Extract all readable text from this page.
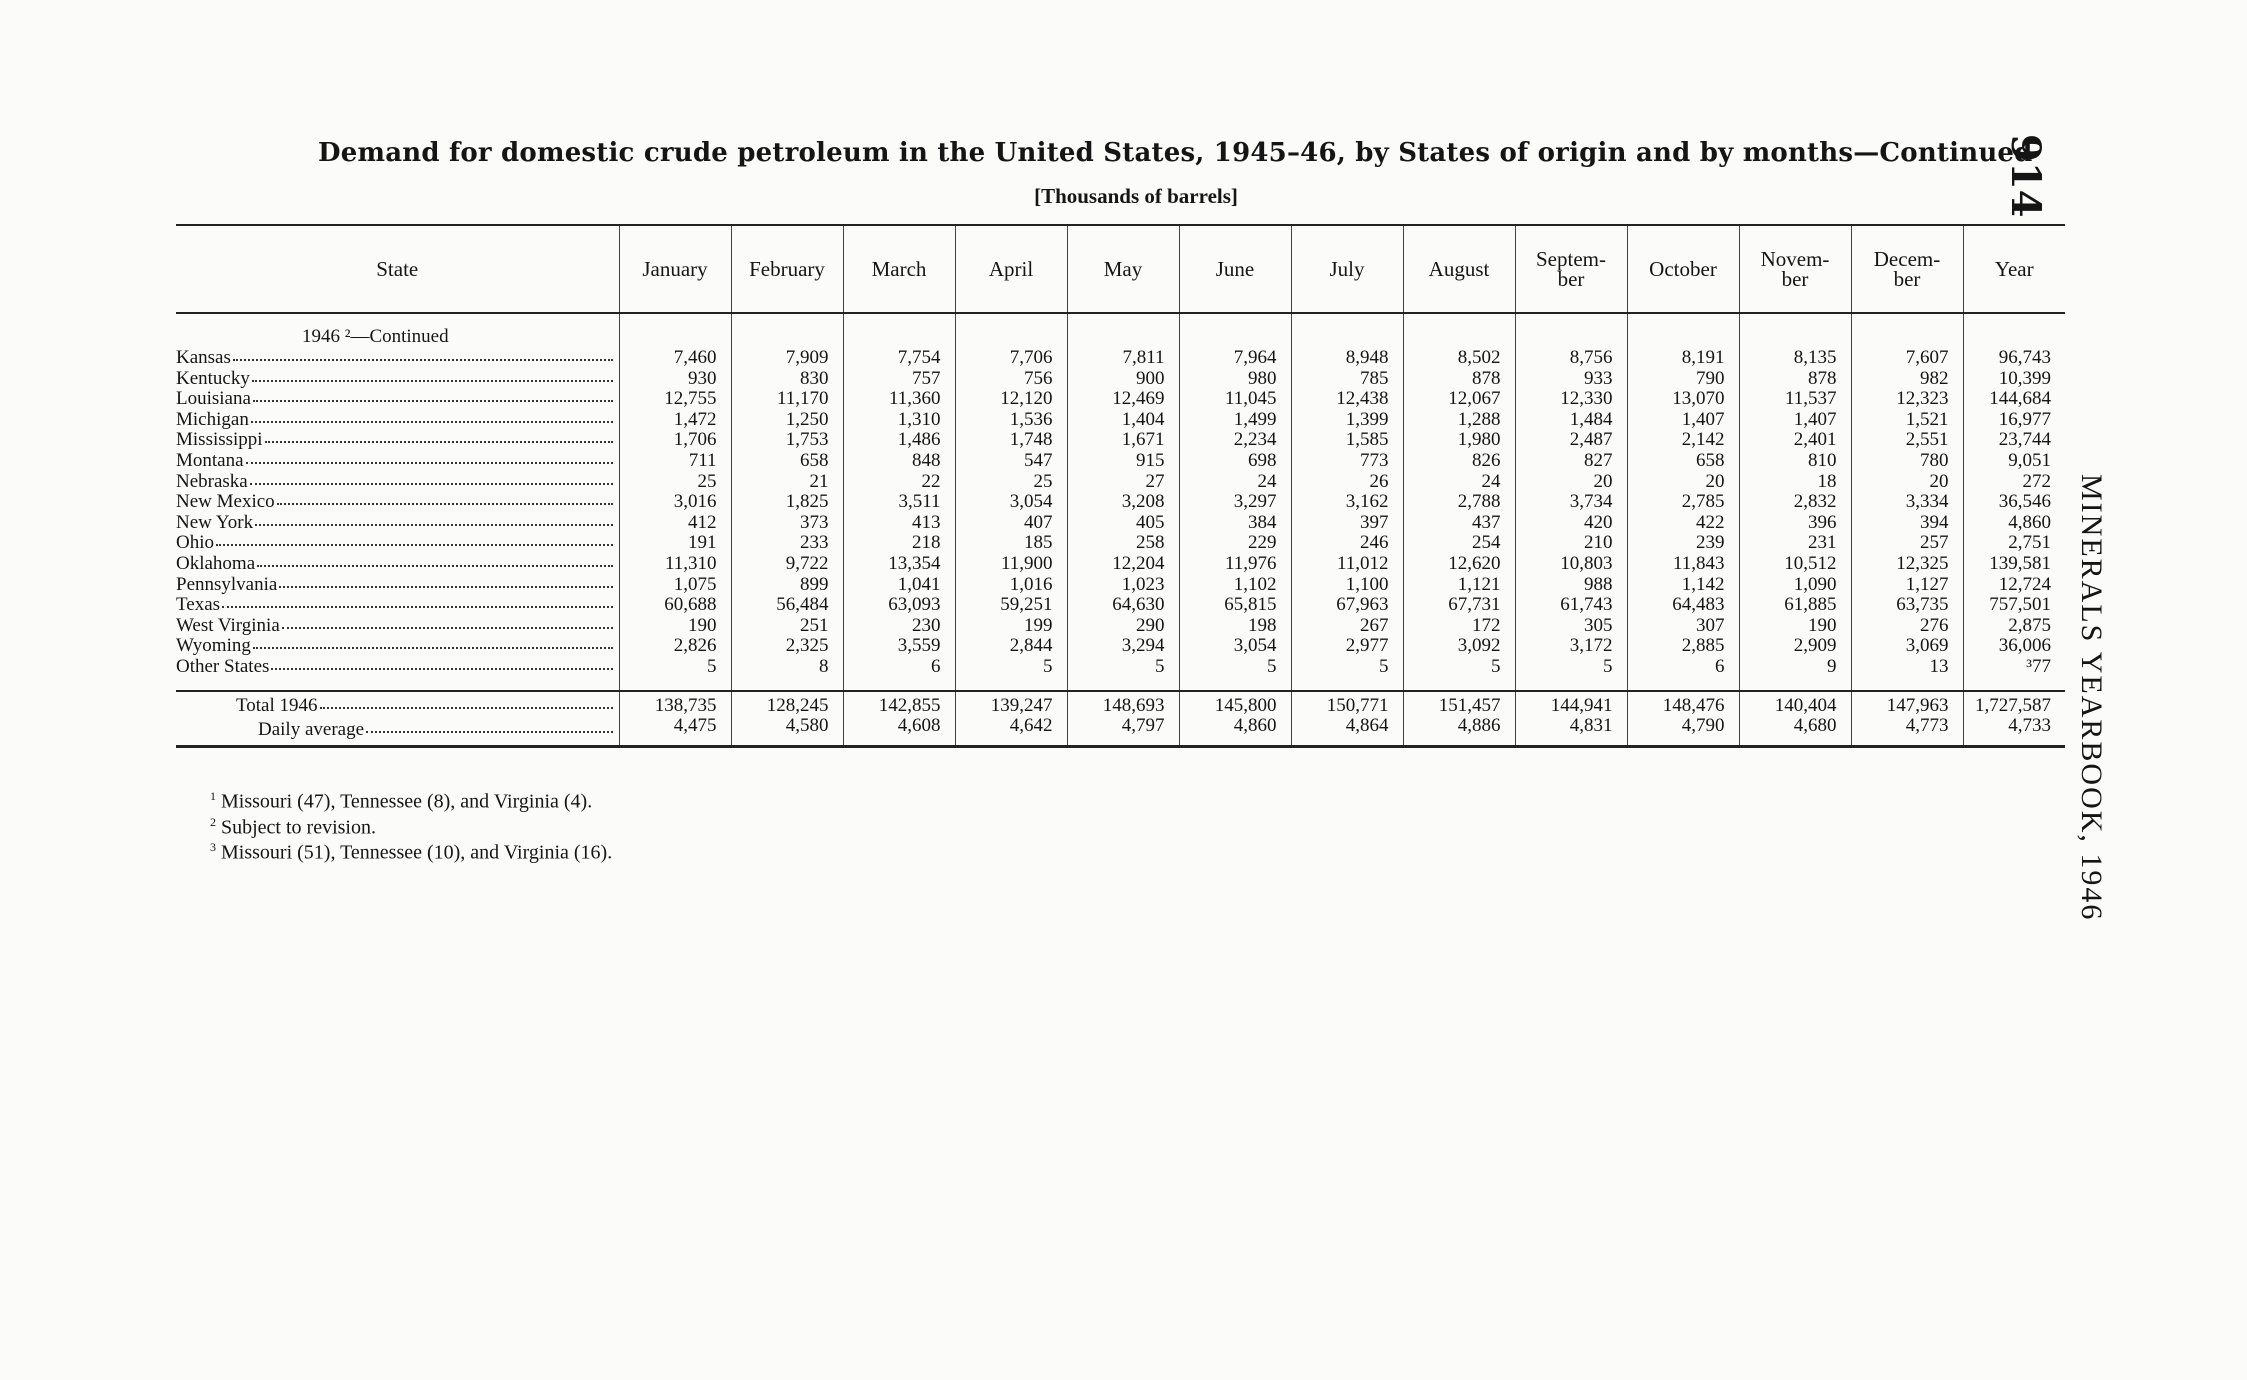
Demand for domestic crude petroleum in the United States, 1945–46, by States of origin and by months—Continued
[Thousands of barrels]	914
MINERALS YEARBOOK, 1946
State	January	February	March	April	May	June	July	August	Septem-
ber	October	Novem-
ber	Decem-
ber	Year
1946 ²—Continued													

Kansas	7,460	7,909	7,754	7,706	7,811	7,964	8,948	8,502	8,756	8,191	8,135	7,607	96,743

Kentucky	930	830	757	756	900	980	785	878	933	790	878	982	10,399

Louisiana	12,755	11,170	11,360	12,120	12,469	11,045	12,438	12,067	12,330	13,070	11,537	12,323	144,684

Michigan	1,472	1,250	1,310	1,536	1,404	1,499	1,399	1,288	1,484	1,407	1,407	1,521	16,977

Mississippi	1,706	1,753	1,486	1,748	1,671	2,234	1,585	1,980	2,487	2,142	2,401	2,551	23,744

Montana	711	658	848	547	915	698	773	826	827	658	810	780	9,051

Nebraska	25	21	22	25	27	24	26	24	20	20	18	20	272

New Mexico	3,016	1,825	3,511	3,054	3,208	3,297	3,162	2,788	3,734	2,785	2,832	3,334	36,546

New York	412	373	413	407	405	384	397	437	420	422	396	394	4,860

Ohio	191	233	218	185	258	229	246	254	210	239	231	257	2,751

Oklahoma	11,310	9,722	13,354	11,900	12,204	11,976	11,012	12,620	10,803	11,843	10,512	12,325	139,581

Pennsylvania	1,075	899	1,041	1,016	1,023	1,102	1,100	1,121	988	1,142	1,090	1,127	12,724

Texas	60,688	56,484	63,093	59,251	64,630	65,815	67,963	67,731	61,743	64,483	61,885	63,735	757,501

West Virginia	190	251	230	199	290	198	267	172	305	307	190	276	2,875

Wyoming	2,826	2,325	3,559	2,844	3,294	3,054	2,977	3,092	3,172	2,885	2,909	3,069	36,006

Other States	5	8	6	5	5	5	5	5	5	6	9	13	³77

Total 1946	138,735	128,245	142,855	139,247	148,693	145,800	150,771	151,457	144,941	148,476	140,404	147,963	1,727,587

Daily average	4,475	4,580	4,608	4,642	4,797	4,860	4,864	4,886	4,831	4,790	4,680	4,773	4,733
$^1$ Missouri (47), Tennessee (8), and Virginia (4).
$^2$ Subject to revision.
$^3$ Missouri (51), Tennessee (10), and Virginia (16).
